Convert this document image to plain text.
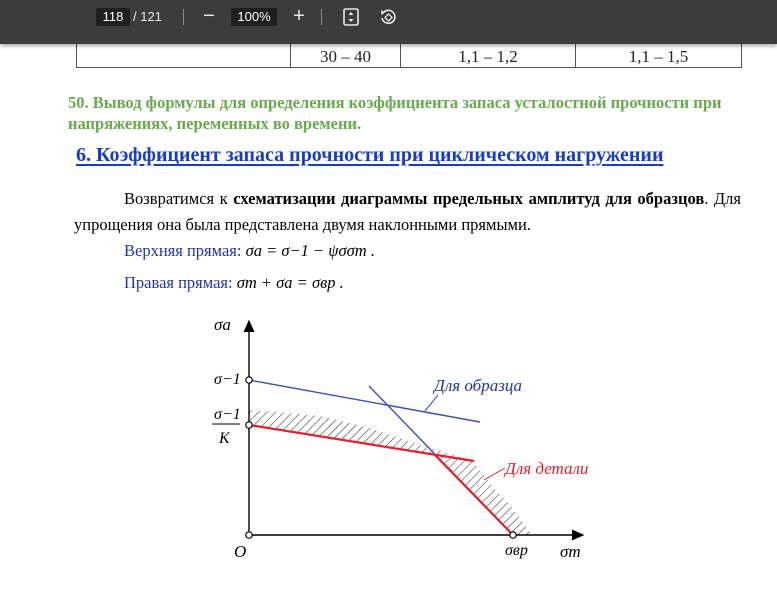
118 / 121	−	100%	+
	30 – 40	1,1 – 1,2	1,1 – 1,5
50. Вывод формулы для определения коэффициента запаса усталостной прочности при напряжениях, переменных во времени.
6. Коэффициент запаса прочности при циклическом нагружении
Возвратимся к схематизации диаграммы предельных амплитуд для образцов. Для упрощения она была представлена двумя наклонными прямыми.
Верхняя прямая: σa = σ−1 − ψσσm .
Правая прямая: σm + σa = σвр .
σa
σ−1
σ−1
K
O	σвр σm
Для образца
Для детали
